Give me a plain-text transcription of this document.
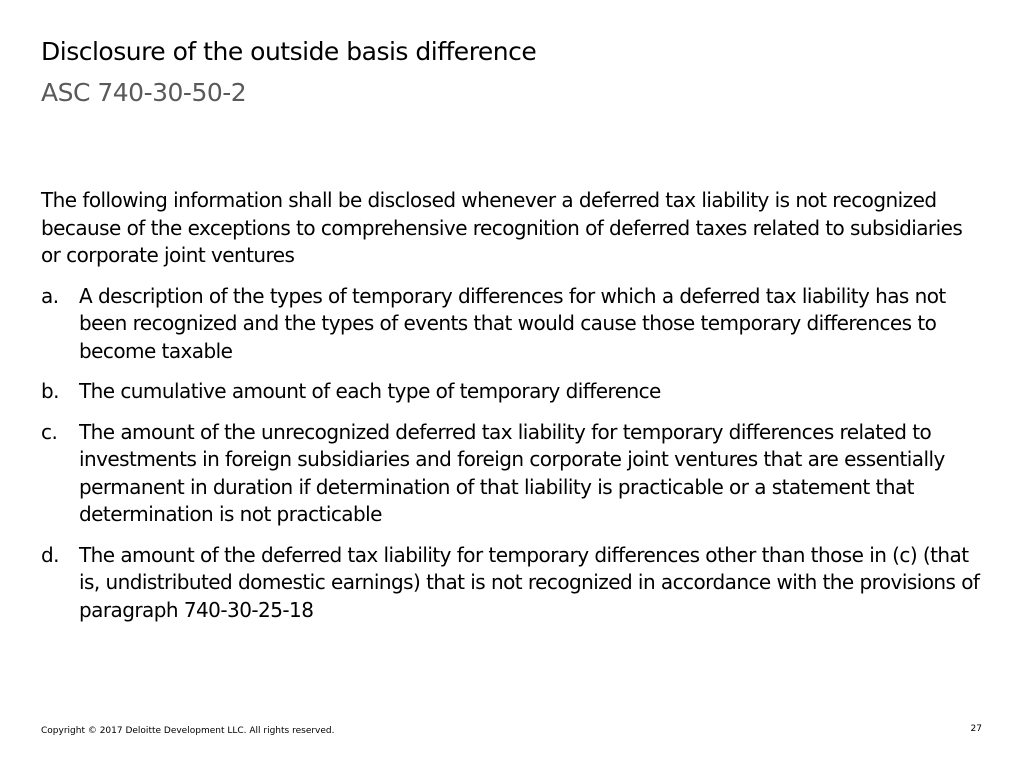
Disclosure of the outside basis difference
ASC 740-30-50-2

The following information shall be disclosed whenever a deferred tax liability is not recognized because of the exceptions to comprehensive recognition of deferred taxes related to subsidiaries or corporate joint ventures

a.	A description of the types of temporary differences for which a deferred tax liability has not been recognized and the types of events that would cause those temporary differences to become taxable
b.	The cumulative amount of each type of temporary difference
c.	The amount of the unrecognized deferred tax liability for temporary differences related to investments in foreign subsidiaries and foreign corporate joint ventures that are essentially permanent in duration if determination of that liability is practicable or a statement that determination is not practicable
d.	The amount of the deferred tax liability for temporary differences other than those in (c) (that is, undistributed domestic earnings) that is not recognized in accordance with the provisions of paragraph 740-30-25-18
Copyright © 2017 Deloitte Development LLC. All rights reserved.	27
